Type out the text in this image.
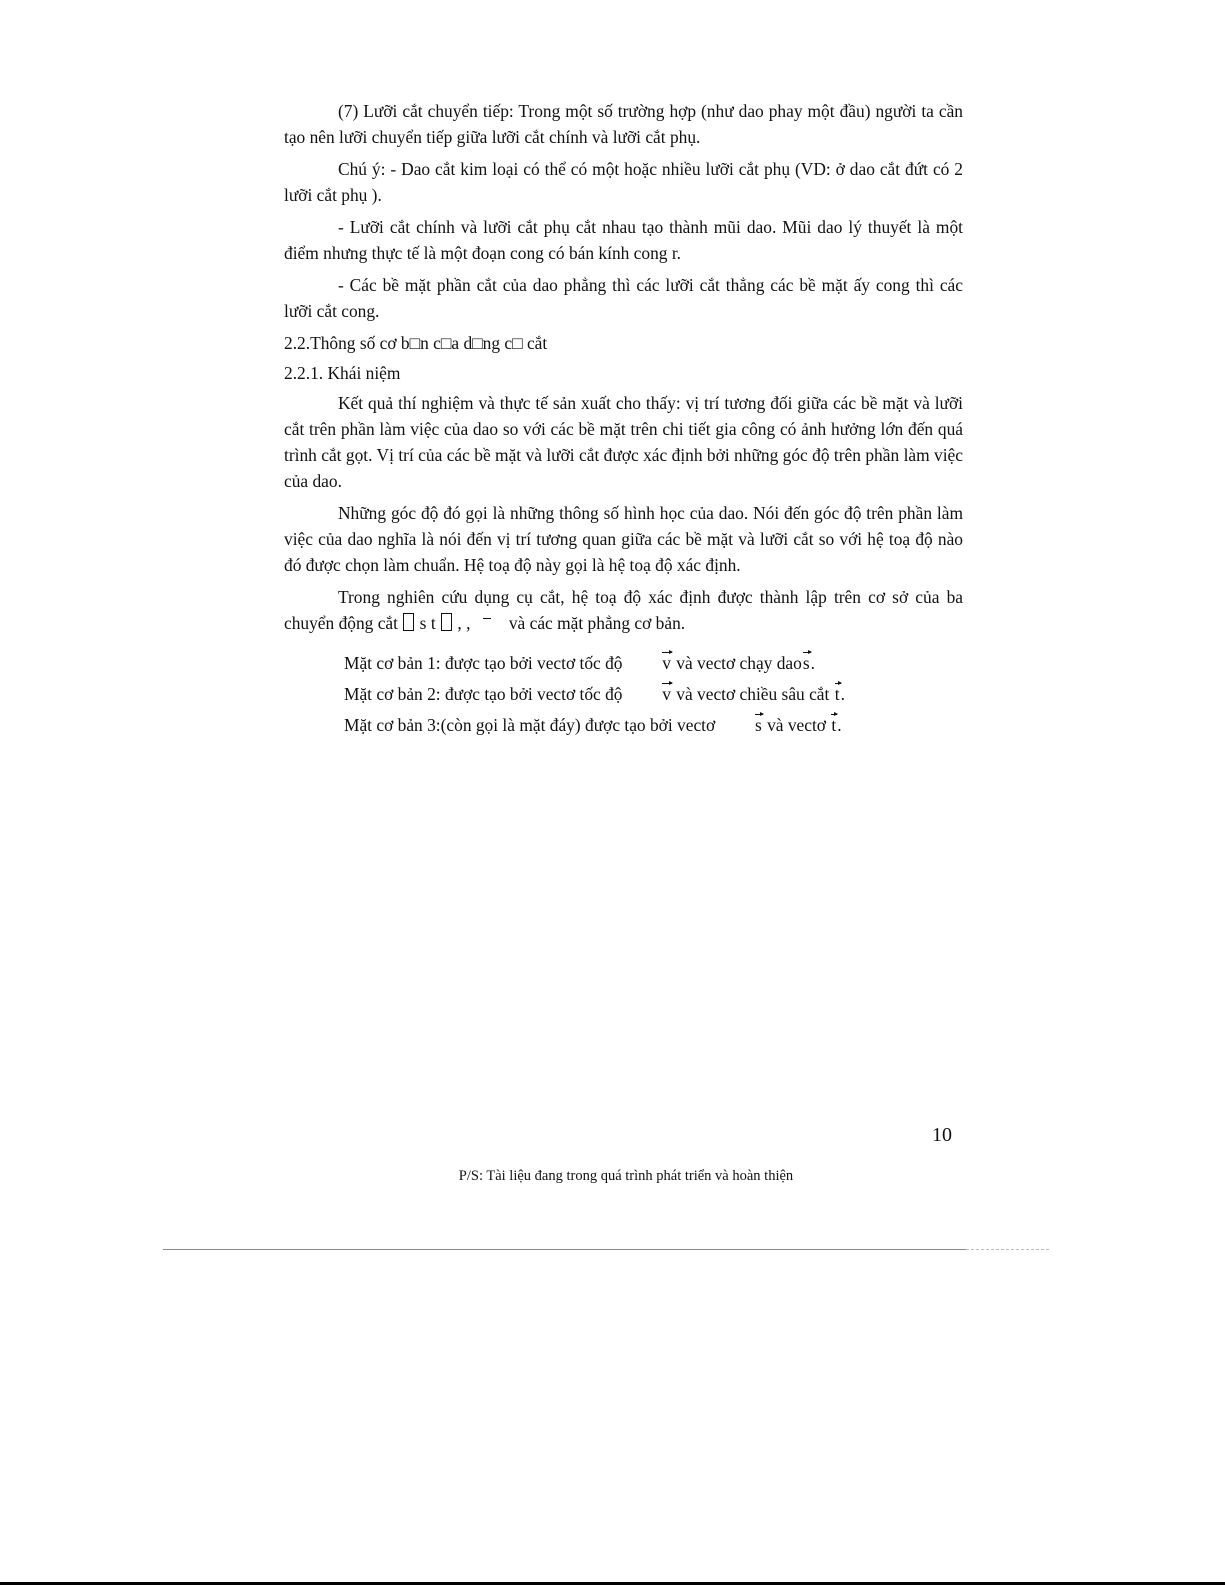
(7) Lưỡi cắt chuyển tiếp: Trong một số trường hợp (như dao phay một đầu) người ta cần tạo nên lưỡi chuyển tiếp giữa lưỡi cắt chính và lưỡi cắt phụ.

Chú ý: - Dao cắt kim loại có thể có một hoặc nhiều lưỡi cắt phụ (VD: ở dao cắt đứt có 2 lưỡi cắt phụ ).

- Lưỡi cắt chính và lưỡi cắt phụ cắt nhau tạo thành mũi dao. Mũi dao lý thuyết là một điểm nhưng thực tế là một đoạn cong có bán kính cong r.

- Các bề mặt phần cắt của dao phẳng thì các lưỡi cắt thẳng các bề mặt ấy cong thì các lưỡi cắt cong.

2.2.Thông số cơ b□n c□a d□ng c□ cắt

2.2.1. Khái niệm

Kết quả thí nghiệm và thực tế sản xuất cho thấy: vị trí tương đối giữa các bề mặt và lưỡi cắt trên phần làm việc của dao so với các bề mặt trên chi tiết gia công có ảnh hưởng lớn đến quá trình cắt gọt. Vị trí của các bề mặt và lưỡi cắt được xác định bởi những góc độ trên phần làm việc của dao.

Những góc độ đó gọi là những thông số hình học của dao. Nói đến góc độ trên phần làm việc của dao nghĩa là nói đến vị trí tương quan giữa các bề mặt và lưỡi cắt so với hệ toạ độ nào đó được chọn làm chuẩn. Hệ toạ độ này gọi là hệ toạ độ xác định.

Trong nghiên cứu dụng cụ cắt, hệ toạ độ xác định được thành lập trên cơ sở của ba chuyển động cắt  s t , , và các mặt phẳng cơ bản.

Mặt cơ bản 1: được tạo bởi vectơ tốc độ v và vectơ chạy daos.
Mặt cơ bản 2: được tạo bởi vectơ tốc độ v và vectơ chiều sâu cắt t.
Mặt cơ bản 3:(còn gọi là mặt đáy) được tạo bởi vectơ s và vectơ t.
10
P/S: Tài liệu đang trong quá trình phát triển và hoàn thiện
